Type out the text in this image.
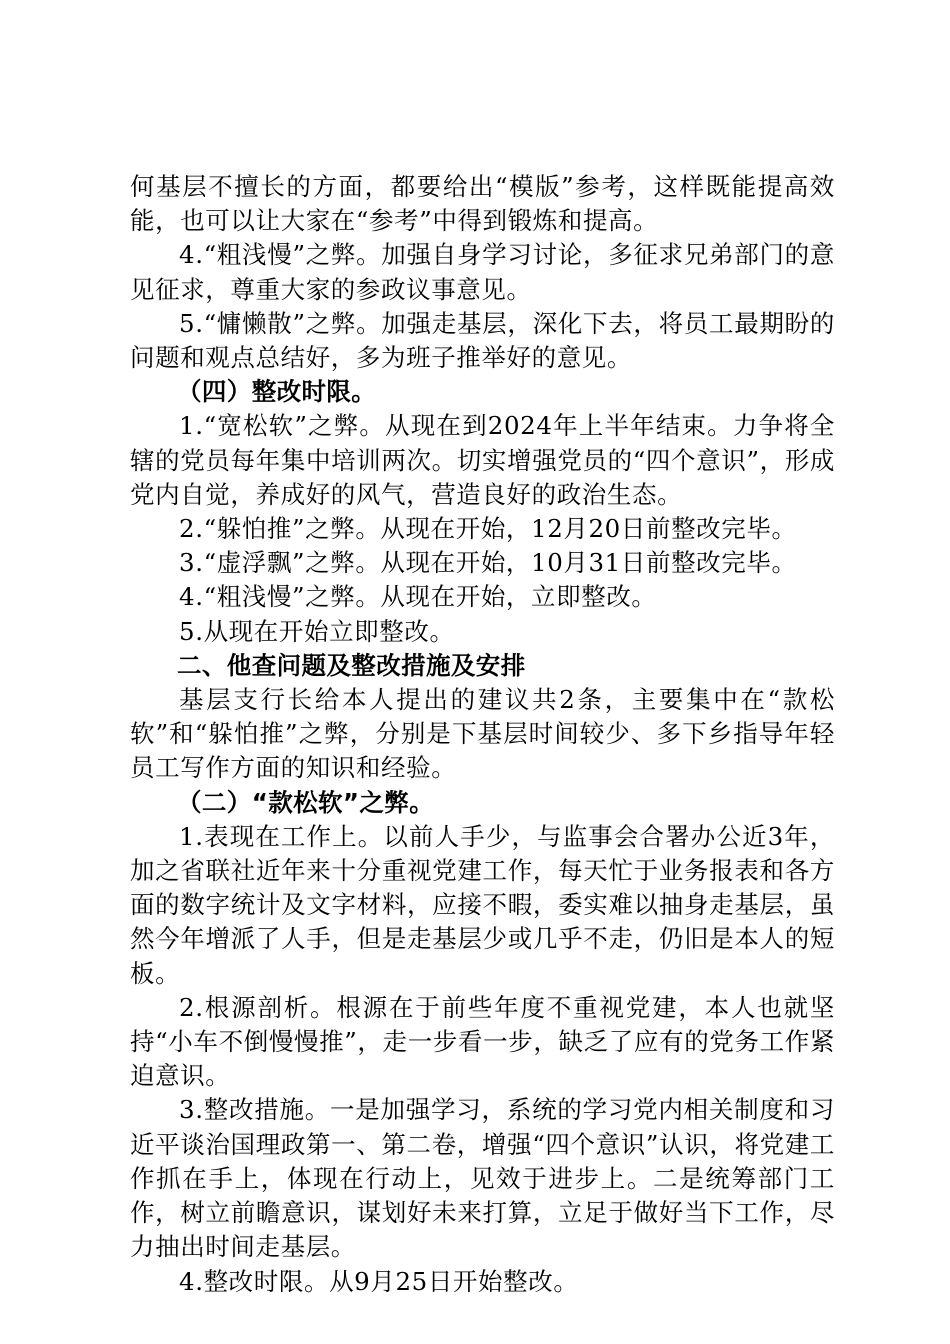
何基层不擅长的方面，都要给出“模版”参考，这样既能提高效能，也可以让大家在“参考”中得到锻炼和提高。

4.“粗浅慢”之弊。加强自身学习讨论，多征求兄弟部门的意见征求，尊重大家的参政议事意见。

5.“慵懒散”之弊。加强走基层，深化下去，将员工最期盼的问题和观点总结好，多为班子推举好的意见。

（四）整改时限。

1.“宽松软”之弊。从现在到2024年上半年结束。力争将全辖的党员每年集中培训两次。切实增强党员的“四个意识”，形成党内自觉，养成好的风气，营造良好的政治生态。

2.“躲怕推”之弊。从现在开始，12月20日前整改完毕。

3.“虚浮飘”之弊。从现在开始，10月31日前整改完毕。

4.“粗浅慢”之弊。从现在开始，立即整改。

5.从现在开始立即整改。

二、他查问题及整改措施及安排

基层支行长给本人提出的建议共2条，主要集中在“款松软”和“躲怕推”之弊，分别是下基层时间较少、多下乡指导年轻员工写作方面的知识和经验。

（二）“款松软”之弊。

1.表现在工作上。以前人手少，与监事会合署办公近3年，加之省联社近年来十分重视党建工作，每天忙于业务报表和各方面的数字统计及文字材料，应接不暇，委实难以抽身走基层，虽然今年增派了人手，但是走基层少或几乎不走，仍旧是本人的短板。

2.根源剖析。根源在于前些年度不重视党建，本人也就坚持“小车不倒慢慢推”，走一步看一步，缺乏了应有的党务工作紧迫意识。

3.整改措施。一是加强学习，系统的学习党内相关制度和习近平谈治国理政第一、第二卷，增强“四个意识”认识，将党建工作抓在手上，体现在行动上，见效于进步上。二是统筹部门工作，树立前瞻意识，谋划好未来打算，立足于做好当下工作，尽力抽出时间走基层。

4.整改时限。从9月25日开始整改。
